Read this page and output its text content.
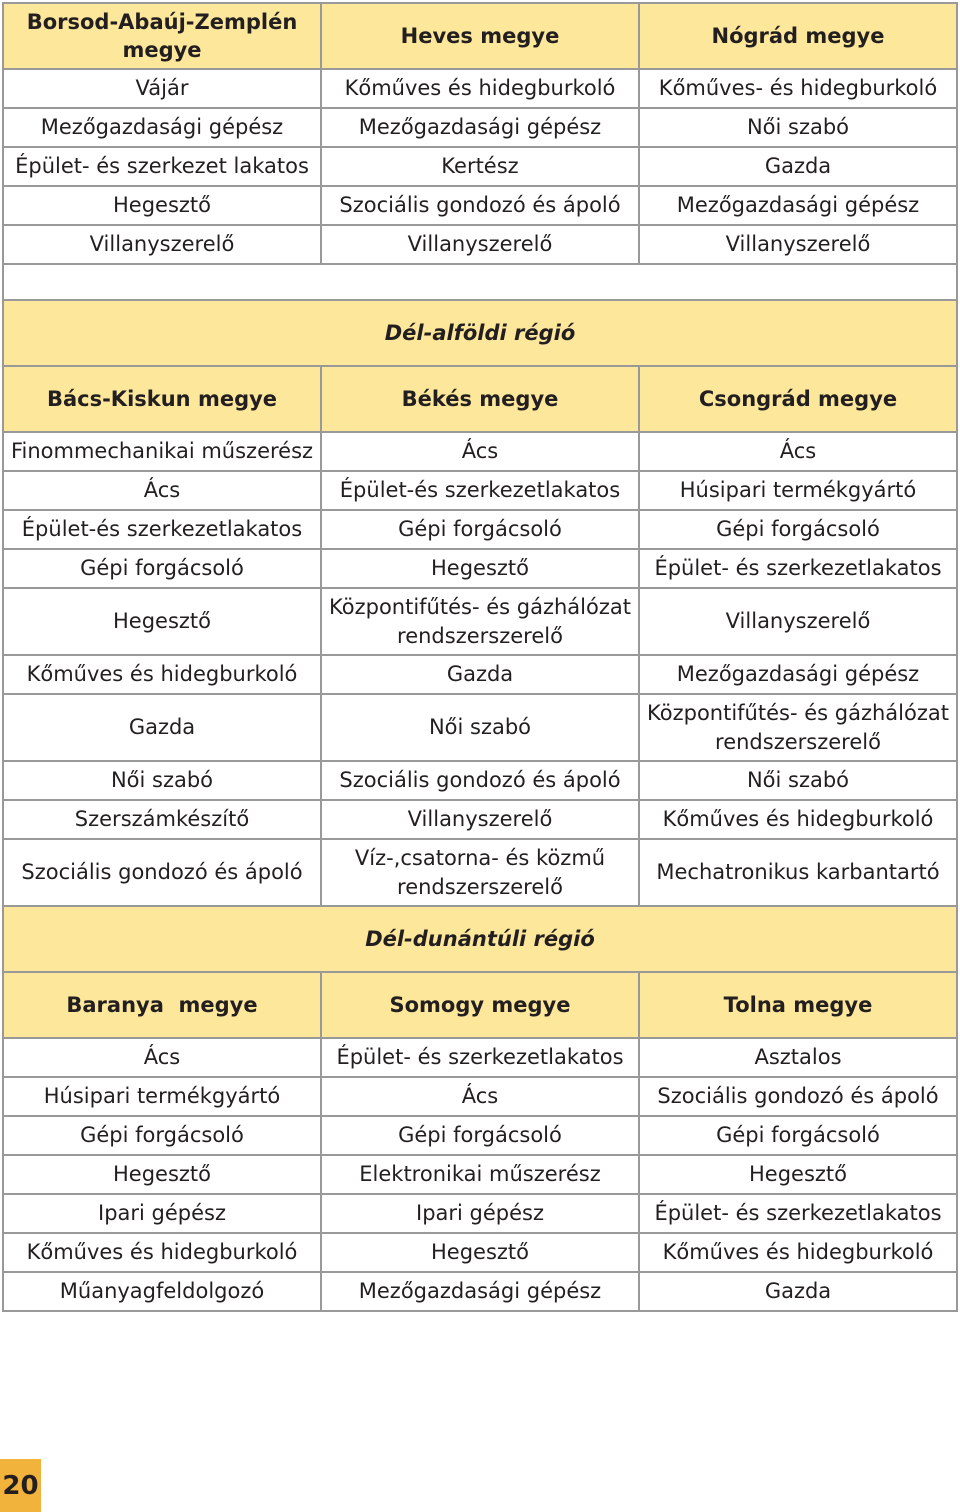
Borsod-Abaúj-Zemplén megye	Heves megye	Nógrád megye
Vájár	Kőműves és hidegburkoló	Kőműves- és hidegburkoló
Mezőgazdasági gépész	Mezőgazdasági gépész	Női szabó
Épület- és szerkezet lakatos	Kertész	Gazda
Hegesztő	Szociális gondozó és ápoló	Mezőgazdasági gépész
Villanyszerelő	Villanyszerelő	Villanyszerelő

Dél-alföldi régió		
Bács-Kiskun megye	Békés megye	Csongrád megye
Finommechanikai műszerész	Ács	Ács
Ács	Épület-és szerkezetlakatos	Húsipari termékgyártó
Épület-és szerkezetlakatos	Gépi forgácsoló	Gépi forgácsoló
Gépi forgácsoló	Hegesztő	Épület- és szerkezetlakatos
Hegesztő	Központifűtés- és gázhálózat rendszerszerelő	Villanyszerelő
Kőműves és hidegburkoló	Gazda	Mezőgazdasági gépész
Gazda	Női szabó	Központifűtés- és gázhálózat rendszerszerelő
Női szabó	Szociális gondozó és ápoló	Női szabó
Szerszámkészítő	Villanyszerelő	Kőműves és hidegburkoló
Szociális gondozó és ápoló	Víz-,csatorna- és közmű rendszerszerelő	Mechatronikus karbantartó
Dél-dunántúli régió		
Baranya  megye	Somogy megye	Tolna megye
Ács	Épület- és szerkezetlakatos	Asztalos
Húsipari termékgyártó	Ács	Szociális gondozó és ápoló
Gépi forgácsoló	Gépi forgácsoló	Gépi forgácsoló
Hegesztő	Elektronikai műszerész	Hegesztő
Ipari gépész	Ipari gépész	Épület- és szerkezetlakatos
Kőműves és hidegburkoló	Hegesztő	Kőműves és hidegburkoló
Műanyagfeldolgozó	Mezőgazdasági gépész	Gazda
20
